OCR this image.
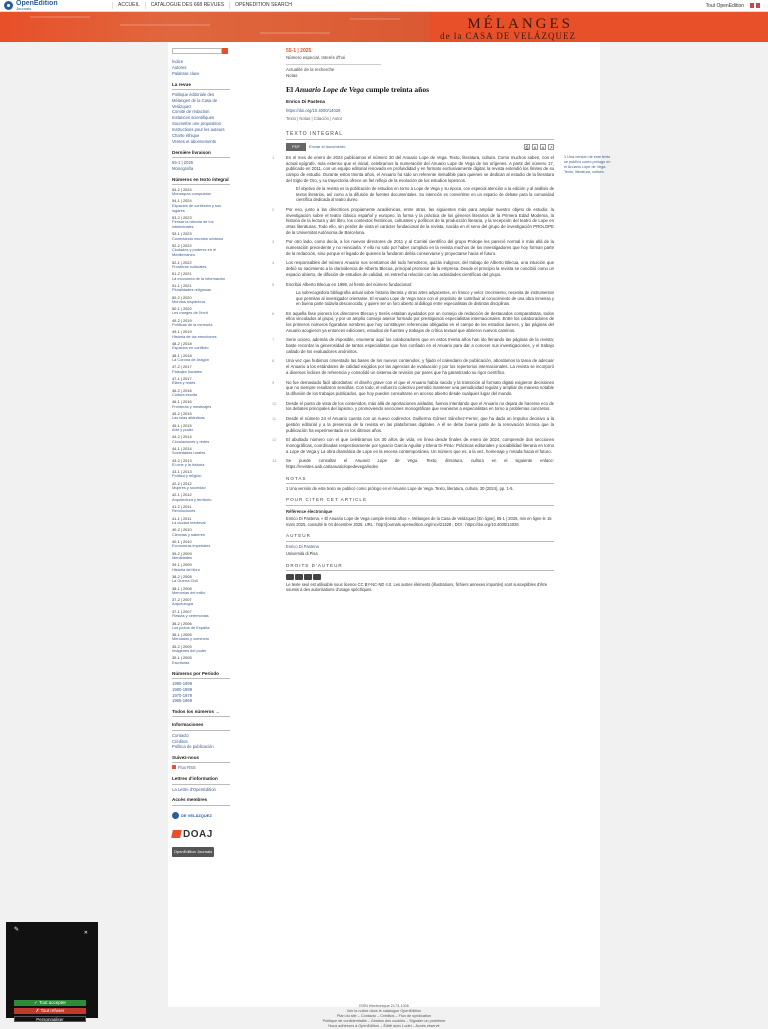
OpenEdition
Journals
ACCUEIL	CATALOGUE DES 668 REVUES	OPENEDITION SEARCH	Tout OpenEdition
MÉLANGES
de la CASA DE VELÁZQUEZ
Índice
Autores
Palabras clave
La revue
Politique éditoriale des Mélanges de la Casa de Velázquez
Comité de rédaction
Instances scientifiques
Soumettre une proposition
Instructions pour les auteurs
Charte éthique
Ventes et abonnements
Dernière livraison
55-1 | 2025
Monografía
Números en texto íntegral
54-2 | 2024
Monarquía compuesta
54-1 | 2024
Espacios de confesión y sus lugares
53-2 | 2023
Pensar la historia de los intelectuales
53-1 | 2023
Conectando mundos urbanos
52-2 | 2022
Ciudades y poderes en el Mediterráneo
52-1 | 2022
Fronteras culturales
51-2 | 2021
La economía de la información
51-1 | 2021
Pluralidades religiosas
50-2 | 2020
Mundos hispánicos
50-1 | 2020
Les marges de l'écrit
49-2 | 2019
Políticas de la memoria
49-1 | 2019
Historia de las emociones
48-2 | 2018
Espacios en conflicto
48-1 | 2018
La Corona de Aragón
47-2 | 2017
Paisajes fluviales
47-1 | 2017
Élites y redes
46-2 | 2016
Cultura escrita
46-1 | 2016
Fronteras y mestizajes
45-2 | 2015
Las islas atlánticas
45-1 | 2015
Arte y poder
44-2 | 2014
Circulaciones y redes
44-1 | 2014
Sociedades rurales
43-2 | 2013
El cine y la historia
43-1 | 2013
Política y religión
42-2 | 2012
Mujeres y sociedad
42-1 | 2012
Arquitectura y territorio
41-2 | 2011
Revoluciones
41-1 | 2011
La ciudad medieval
40-2 | 2010
Ciencias y saberes
40-1 | 2010
Economías imperiales
39-2 | 2009
Identidades
39-1 | 2009
Historia del libro
38-2 | 2008
La Guerra Civil
38-1 | 2008
Memorias del exilio
37-2 | 2007
Arqueología
37-1 | 2007
Fiestas y ceremonias
36-2 | 2006
Los judíos de España
36-1 | 2006
Mercados y comercio
35-2 | 2005
Imágenes del poder
35-1 | 2005
Escrituras
Números por Período
1990-1999
1980-1989
1970-1979
1965-1969
Todos los números →
Informaciones
Contacto
Créditos
Política de publicación
Suivez-nous
Flux RSS
Lettres d'information
La Lettre d'OpenEdition
Accès membres
DE VELÁZQUEZ
DOAJ
OpenEdition Journals
55-1 | 2025
Número especial. Interés d'hoi
Actualité de la recherche
Notas
El Anuario Lope de Vega cumple treinta años
Enrico Di Pastena
https://doi.org/10.4000/14026
Texto | Notas | Citación | Autor
TEXTO INTEGRAL
PDF	Enviar el documento	⎙	A	A	↗
1	En el mes de enero de 2024 publicamos el número 30 del Anuario Lope de Vega. Texto, literatura, cultura. Como muchos saben, con el actual epígrafe, más extenso que el inicial, celebramos la numeración del Anuario Lope de Vega de los orígenes. A partir del número 17, publicado en 2011, con un equipo editorial renovado en profundidad y en formato exclusivamente digital, la revista extendió los límites de su campo de estudio. Durante estos treinta años, el Anuario ha sido un referente ineludible para quienes se dedican al estudio de la literatura del Siglo de Oro, y su trayectoria ofrece un fiel reflejo de la evolución de los estudios lopescos.

1 Una versión de este texto se publicó como prólogo en el Anuario Lope de Vega. Texto, literatura, cultura.
El objetivo de la revista es la publicación de estudios en torno a Lope de Vega y su época, con especial atención a la edición y al análisis de textos literarios, así como a la difusión de fuentes documentales. Su intención es convertirse en un espacio de debate para la comunidad científica dedicada al teatro áureo.
2	Por eso, junto a las directrices propiamente académicas, entre otras, las siguientes más para ampliar nuestro objeto de estudio: la investigación sobre el teatro clásico español y europeo, la forma y la práctica de los géneros literarios de la Primera Edad Moderna, la historia de la lectura y del libro, los contextos históricos, culturales y políticos de la producción literaria, y la recepción del teatro de Lope en otras literaturas. Todo ello, sin perder de vista el carácter fundacional de la revista, nacida en el seno del grupo de investigación PROLOPE de la Universitat Autònoma de Barcelona.

3	Por otro lado, como decía, a los nuevos directores de 2011 y al Comité científico del grupo Prolope les pareció normal ir más allá de la numeración precedente y no reiniciarla. Y ello no solo por haber cumplido en la revista muchos de los investigadores que hoy forman parte de la redacción, sino porque el legado de quienes la fundaron debía conservarse y proyectarse hacia el futuro.

4	Los responsables del número Anuario nos sentíamos del todo herederos, quizás indignos, del trabajo de Alberto Blecua, una intuición que debió su nacimiento a la clarividencia de Alberto Blecua, principal promotor de la empresa. Desde el principio la revista se concibió como un espacio abierto, de difusión de estudios de calidad, en estrecha relación con las actividades científicas del grupo.

5	Escribió Alberto Blecua en 1995, al frente del número fundacional:

La sobrecogedora bibliografía actual sobre historia literaria y otras artes adyacentes, en franco y veloz crecimiento, necesita de instrumentos que permitan al investigador orientarse. El Anuario Lope de Vega nace con el propósito de contribuir al conocimiento de una obra inmensa y en buena parte todavía desconocida, y quiere ser un foro abierto al diálogo entre especialistas de distintas disciplinas.
6	En aquella fase pionera los directores Blecua y Serés estaban ayudados por un consejo de redacción de destacados comparatistas, todos ellos vinculados al grupo, y por un amplio consejo asesor formado por prestigiosos especialistas internacionales. Entre los colaboradores de los primeros números figuraban nombres que hoy constituyen referencias obligadas en el campo de los estudios áureos, y las páginas del Anuario acogieron ya entonces ediciones, estudios de fuentes y trabajos de crítica textual que abrieron nuevos caminos.

7	Serie ocioso, además de imposible, enumerar aquí los colaboradores que en estos treinta años han ido llenando las páginas de la revista; baste recordar la generosidad de tantos especialistas que han confiado en el Anuario para dar a conocer sus investigaciones, y el trabajo callado de los evaluadores anónimos.

8	Una vez que hubimos cimentado las bases de los nuevos contenidos, y fijado el calendario de publicación, abordamos la tarea de adecuar el Anuario a los estándares de calidad exigidos por las agencias de evaluación y por los repertorios internacionales. La revista se incorporó a diversos índices de referencia y consolidó un sistema de revisión por pares que ha garantizado su rigor científico.

9	No fue demasiado fácil abordarlas: el diseño grave con el que el Anuario había nacido y la transición al formato digital exigieron decisiones que no siempre resultaron sencillas. Con todo, el esfuerzo colectivo permitió mantener una periodicidad regular y ampliar de manera notable la difusión de los trabajos publicados, que hoy pueden consultarse en acceso abierto desde cualquier lugar del mundo.

10 Desde el punto de vista de los contenidos, más allá de aportaciones aisladas, fuimos intentando que el Anuario no dejara de hacerse eco de los debates principales del lopismo, y promoviendo secciones monográficas que reunieran a especialistas en torno a problemas concretos.

11 Desde el número 24 el Anuario cuenta con un nuevo codirector, Guillermo Gómez Sánchez-Ferrer, que ha dado un impulso decisivo a la gestión editorial y a la presencia de la revista en las plataformas digitales. A él se debe buena parte de la renovación técnica que la publicación ha experimentado en los últimos años.

12 El abultado número con el que celebramos los 30 años de vida, en línea desde finales de enero de 2024, comprende dos secciones monográficas, coordinadas respectivamente por Ignacio García Aguilar y Elena Di Pinto: Prácticas editoriales y sociabilidad literaria en torno a Lope de Vega y La obra dramática de Lope en la escena contemporánea. Un número que es, a la vez, homenaje y mirada hacia el futuro.

13 Se puede consultar el Anuario Lope de Vega. Texto, literatura, cultura en el siguiente enlace: https://revistes.uab.cat/anuariolopedevega/index

NOTAS

1 Una versión de este texto se publicó como prólogo en el Anuario Lope de Vega. Texto, literatura, cultura, 30 (2024), pp. 1-5.

POUR CITER CET ARTICLE

Référence électronique

Enrico Di Pastena, « El Anuario Lope de Vega cumple treinta años », Mélanges de la Casa de Velázquez [En ligne], 55-1 | 2025, mis en ligne le 15 mars 2025, consulté le 04 décembre 2025. URL : http://journals.openedition.org/mcv/21528 ; DOI : https://doi.org/10.4000/14026

AUTEUR

Enrico Di Pastena

Università di Pisa

DROITS D'AUTEUR

Le texte seul est utilisable sous licence CC BY-NC-ND 4.0. Les autres éléments (illustrations, fichiers annexes importés) sont susceptibles d'être soumis à des autorisations d'usage spécifiques.

ISSN électronique 2173-1306

Voir la notice dans le catalogue OpenEdition

Plan du site – Contacto – Créditos – Flux de syndication

Politique de confidentialité – Gestion des cookies – Signaler un problème

Nous adhérons à OpenEdition – Édité avec Lodel – Accès réservé

✎	✕
✓ Tout accepter
✗ Tout refuser
Personnaliser
